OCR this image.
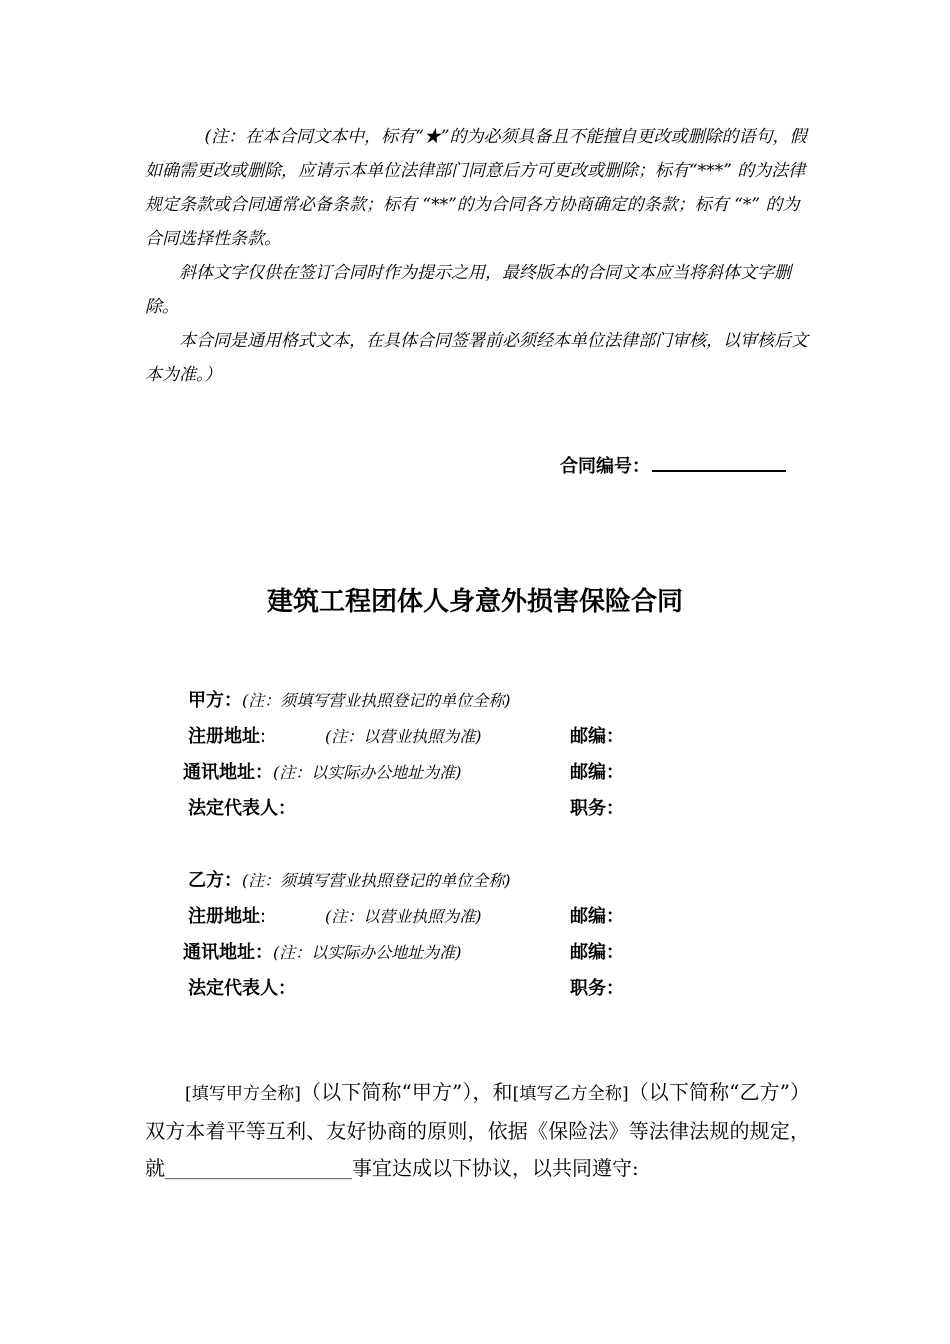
(注：在本合同文本中，标有“★”的为必须具备且不能擅自更改或删除的语句，假如确需更改或删除，应请示本单位法律部门同意后方可更改或删除；标有“***” 的为法律规定条款或合同通常必备条款；标有 “**”的为合同各方协商确定的条款；标有 “*” 的为合同选择性条款。

斜体文字仅供在签订合同时作为提示之用，最终版本的合同文本应当将斜体文字删除。

本合同是通用格式文本，在具体合同签署前必须经本单位法律部门审核，以审核后文本为准。）

合同编号：
建筑工程团体人身意外损害保险合同
甲方：(注：须填写营业执照登记的单位全称)
注册地址:	(注：以营业执照为准)	邮编：
通讯地址：(注：以实际办公地址为准)	邮编：
法定代表人：	职务：
乙方：(注：须填写营业执照登记的单位全称)
注册地址:	(注：以营业执照为准)	邮编：
通讯地址：(注：以实际办公地址为准)	邮编：
法定代表人：	职务：

  [填写甲方全称]（以下简称“甲方”），和[填写乙方全称]（以下简称“乙方”）双方本着平等互利、友好协商的原则，依据《保险法》等法律法规的规定，就______________________事宜达成以下协议，以共同遵守:
